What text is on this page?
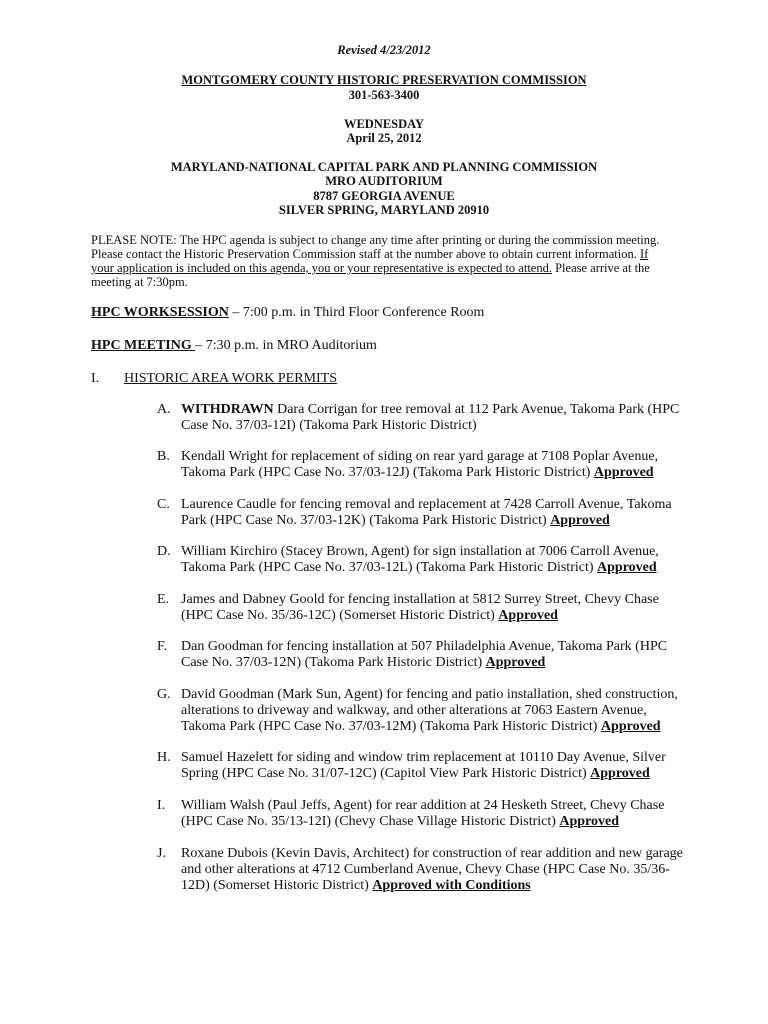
Revised 4/23/2012
MONTGOMERY COUNTY HISTORIC PRESERVATION COMMISSION
301-563-3400
WEDNESDAY
April 25, 2012
MARYLAND-NATIONAL CAPITAL PARK AND PLANNING COMMISSION
MRO AUDITORIUM
8787 GEORGIA AVENUE
SILVER SPRING, MARYLAND 20910
PLEASE NOTE: The HPC agenda is subject to change any time after printing or during the commission meeting.
Please contact the Historic Preservation Commission staff at the number above to obtain current information. If
your application is included on this agenda, you or your representative is expected to attend. Please arrive at the
meeting at 7:30pm.
HPC WORKSESSION – 7:00 p.m. in Third Floor Conference Room
HPC MEETING – 7:30 p.m. in MRO Auditorium
I. HISTORIC AREA WORK PERMITS
A. WITHDRAWN Dara Corrigan for tree removal at 112 Park Avenue, Takoma Park (HPC
Case No. 37/03-12I) (Takoma Park Historic District)
B. Kendall Wright for replacement of siding on rear yard garage at 7108 Poplar Avenue,
Takoma Park (HPC Case No. 37/03-12J) (Takoma Park Historic District) Approved
C. Laurence Caudle for fencing removal and replacement at 7428 Carroll Avenue, Takoma
Park (HPC Case No. 37/03-12K) (Takoma Park Historic District) Approved
D. William Kirchiro (Stacey Brown, Agent) for sign installation at 7006 Carroll Avenue,
Takoma Park (HPC Case No. 37/03-12L) (Takoma Park Historic District) Approved
E. James and Dabney Goold for fencing installation at 5812 Surrey Street, Chevy Chase
(HPC Case No. 35/36-12C) (Somerset Historic District) Approved
F. Dan Goodman for fencing installation at 507 Philadelphia Avenue, Takoma Park (HPC
Case No. 37/03-12N) (Takoma Park Historic District) Approved
G. David Goodman (Mark Sun, Agent) for fencing and patio installation, shed construction,
alterations to driveway and walkway, and other alterations at 7063 Eastern Avenue,
Takoma Park (HPC Case No. 37/03-12M) (Takoma Park Historic District) Approved
H. Samuel Hazelett for siding and window trim replacement at 10110 Day Avenue, Silver
Spring (HPC Case No. 31/07-12C) (Capitol View Park Historic District) Approved
I. William Walsh (Paul Jeffs, Agent) for rear addition at 24 Hesketh Street, Chevy Chase
(HPC Case No. 35/13-12I) (Chevy Chase Village Historic District) Approved
J. Roxane Dubois (Kevin Davis, Architect) for construction of rear addition and new garage
and other alterations at 4712 Cumberland Avenue, Chevy Chase (HPC Case No. 35/36-
12D) (Somerset Historic District) Approved with Conditions
